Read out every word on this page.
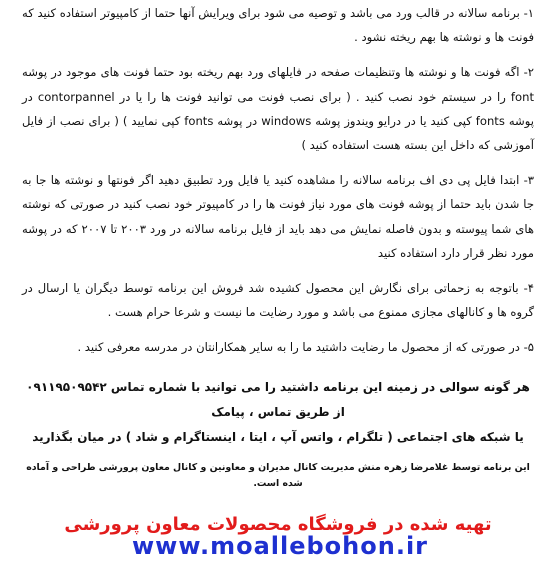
۱- برنامه سالانه در قالب ورد می باشد و توصیه می شود برای ویرایش آنها حتما از کامپیوتر استفاده کنید که فونت ها و نوشته ها بهم ریخته نشود .

۲- اگه فونت ها و نوشته ها وتنظیمات صفحه در فایلهای ورد بهم ریخته بود حتما فونت های موجود در پوشه font را در سیستم خود نصب کنید . ( برای نصب فونت می توانید فونت ها را یا در contorpannel در پوشه fonts کپی کنید یا در درایو ویندوز پوشه windows در پوشه fonts کپی نمایید ) ( برای نصب از فایل آموزشی که داخل این بسته هست استفاده کنید )

۳- ابتدا فایل پی دی اف برنامه سالانه را مشاهده کنید یا فایل ورد تطبیق دهید اگر فونتها و نوشته ها جا به جا شدن باید حتما از پوشه فونت های مورد نیاز فونت ها را در کامپیوتر خود نصب کنید در صورتی که نوشته های شما پیوسته و بدون فاصله نمایش می دهد باید از فایل برنامه سالانه در ورد ۲۰۰۳ تا ۲۰۰۷ که در پوشه مورد نظر قرار دارد استفاده کنید

۴- باتوجه به زحماتی برای نگارش این محصول کشیده شد فروش این برنامه توسط دیگران یا ارسال در گروه ها و کانالهای مجازی ممنوع می باشد و مورد رضایت ما نیست و شرعا حرام هست .

۵- در صورتی که از محصول ما رضایت داشتید ما را به سایر همکارانتان در مدرسه معرفی کنید .

هر گونه سوالی در زمینه این برنامه داشتید را می توانید با شماره تماس ۰۹۱۱۹۵۰۹۵۴۲ از طریق تماس ، پیامک
یا شبکه های اجتماعی ( تلگرام ، واتس آپ ، ایتا ، اینستاگرام و شاد ) در میان بگذارید
این برنامه توسط غلامرضا زهره منش مدیریت کانال مدیران و معاونین و کانال معاون پرورشی طراحی و آماده شده است.
تهیه شده در فروشگاه محصولات معاون پرورشی
www.moallebohon.ir
